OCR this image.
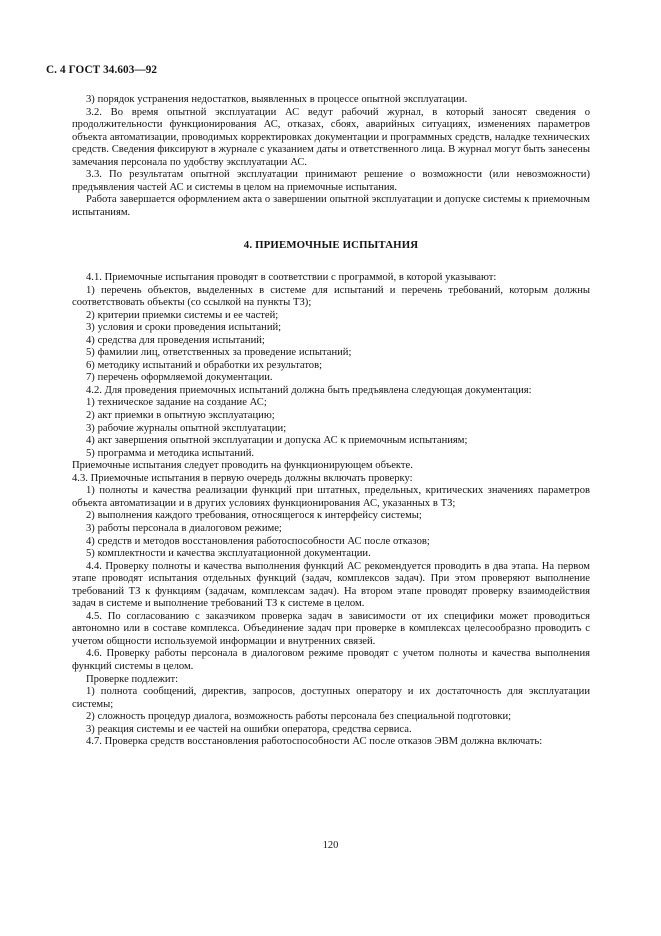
С. 4 ГОСТ 34.603—92

3) порядок устранения недостатков, выявленных в процессе опытной эксплуатации.

3.2. Во время опытной эксплуатации АС ведут рабочий журнал, в который заносят сведения о продолжительности функционирования АС, отказах, сбоях, аварийных ситуациях, изменениях параметров объекта автоматизации, проводимых корректировках документации и программных средств, наладке технических средств. Сведения фиксируют в журнале с указанием даты и ответственного лица. В журнал могут быть занесены замечания персонала по удобству эксплуатации АС.

3.3. По результатам опытной эксплуатации принимают решение о возможности (или невозможности) предъявления частей АС и системы в целом на приемочные испытания.

Работа завершается оформлением акта о завершении опытной эксплуатации и допуске системы к приемочным испытаниям.

4. ПРИЕМОЧНЫЕ ИСПЫТАНИЯ

4.1. Приемочные испытания проводят в соответствии с программой, в которой указывают:

1) перечень объектов, выделенных в системе для испытаний и перечень требований, которым должны соответствовать объекты (со ссылкой на пункты ТЗ);

2) критерии приемки системы и ее частей;

3) условия и сроки проведения испытаний;

4) средства для проведения испытаний;

5) фамилии лиц, ответственных за проведение испытаний;

6) методику испытаний и обработки их результатов;

7) перечень оформляемой документации.

4.2. Для проведения приемочных испытаний должна быть предъявлена следующая документация:

1) техническое задание на создание АС;

2) акт приемки в опытную эксплуатацию;

3) рабочие журналы опытной эксплуатации;

4) акт завершения опытной эксплуатации и допуска АС к приемочным испытаниям;

5) программа и методика испытаний.

Приемочные испытания следует проводить на функционирующем объекте.

4.3. Приемочные испытания в первую очередь должны включать проверку:

1) полноты и качества реализации функций при штатных, предельных, критических значениях параметров объекта автоматизации и в других условиях функционирования АС, указанных в ТЗ;

2) выполнения каждого требования, относящегося к интерфейсу системы;

3) работы персонала в диалоговом режиме;

4) средств и методов восстановления работоспособности АС после отказов;

5) комплектности и качества эксплуатационной документации.

4.4. Проверку полноты и качества выполнения функций АС рекомендуется проводить в два этапа. На первом этапе проводят испытания отдельных функций (задач, комплексов задач). При этом проверяют выполнение требований ТЗ к функциям (задачам, комплексам задач). На втором этапе проводят проверку взаимодействия задач в системе и выполнение требований ТЗ к системе в целом.

4.5. По согласованию с заказчиком проверка задач в зависимости от их специфики может проводиться автономно или в составе комплекса. Объединение задач при проверке в комплексах целесообразно проводить с учетом общности используемой информации и внутренних связей.

4.6. Проверку работы персонала в диалоговом режиме проводят с учетом полноты и качества выполнения функций системы в целом.

Проверке подлежит:

1) полнота сообщений, директив, запросов, доступных оператору и их достаточность для эксплуатации системы;

2) сложность процедур диалога, возможность работы персонала без специальной подготовки;

3) реакция системы и ее частей на ошибки оператора, средства сервиса.

4.7. Проверка средств восстановления работоспособности АС после отказов ЭВМ должна включать:

120
